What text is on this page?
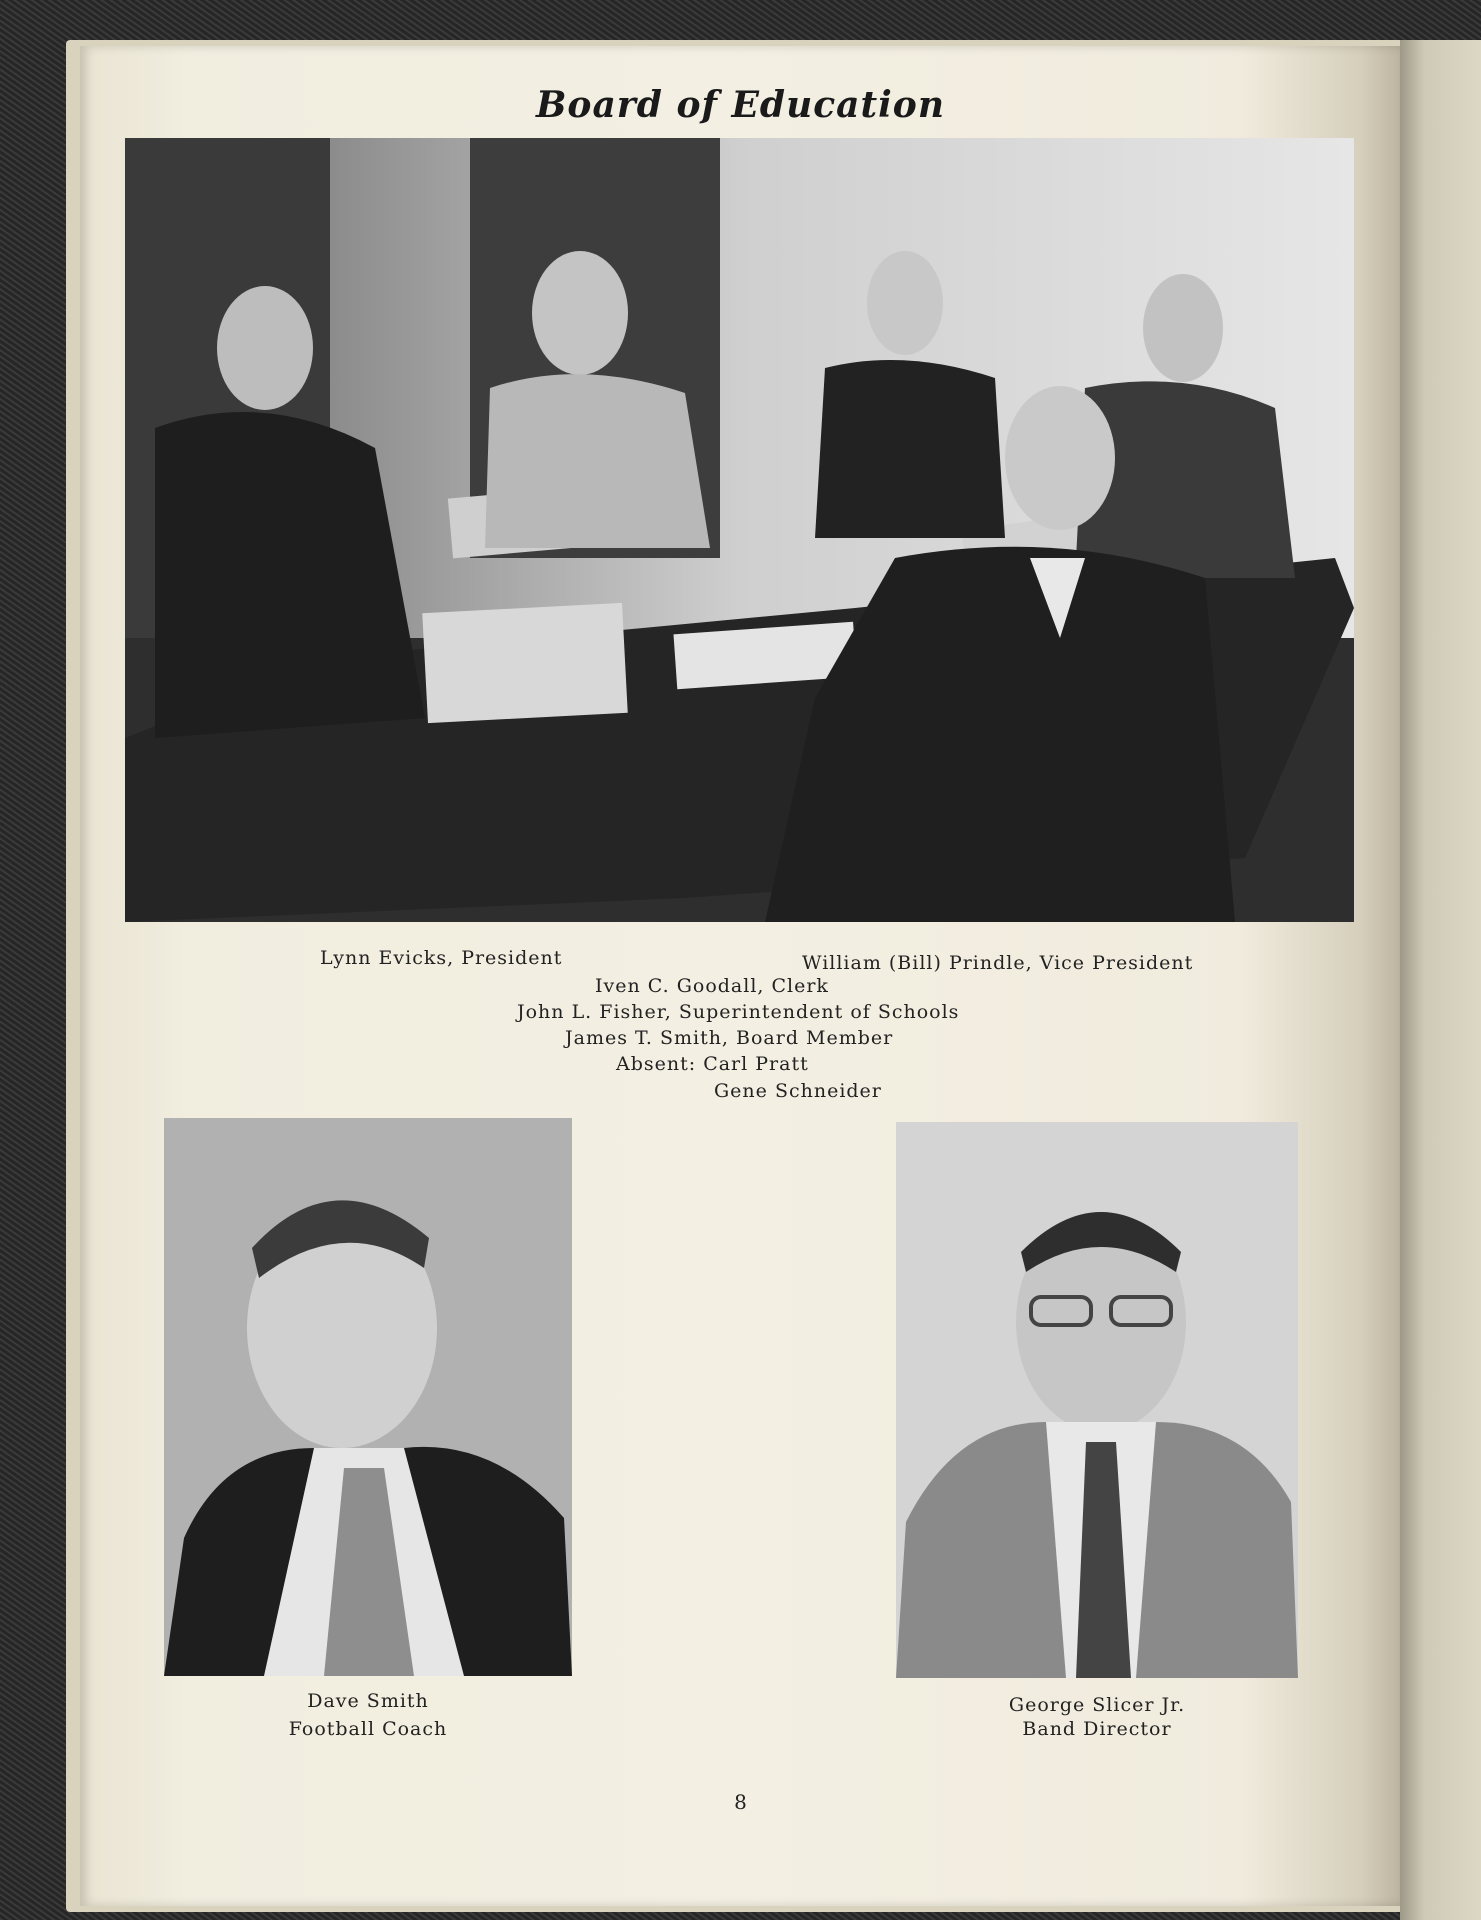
Board of Education
Lynn Evicks, President	William (Bill) Prindle, Vice President
Iven C. Goodall, Clerk
John L. Fisher, Superintendent of Schools
James T. Smith, Board Member
Absent: Carl Pratt
Gene Schneider
Dave Smith
Football Coach
George Slicer Jr.
Band Director
8
